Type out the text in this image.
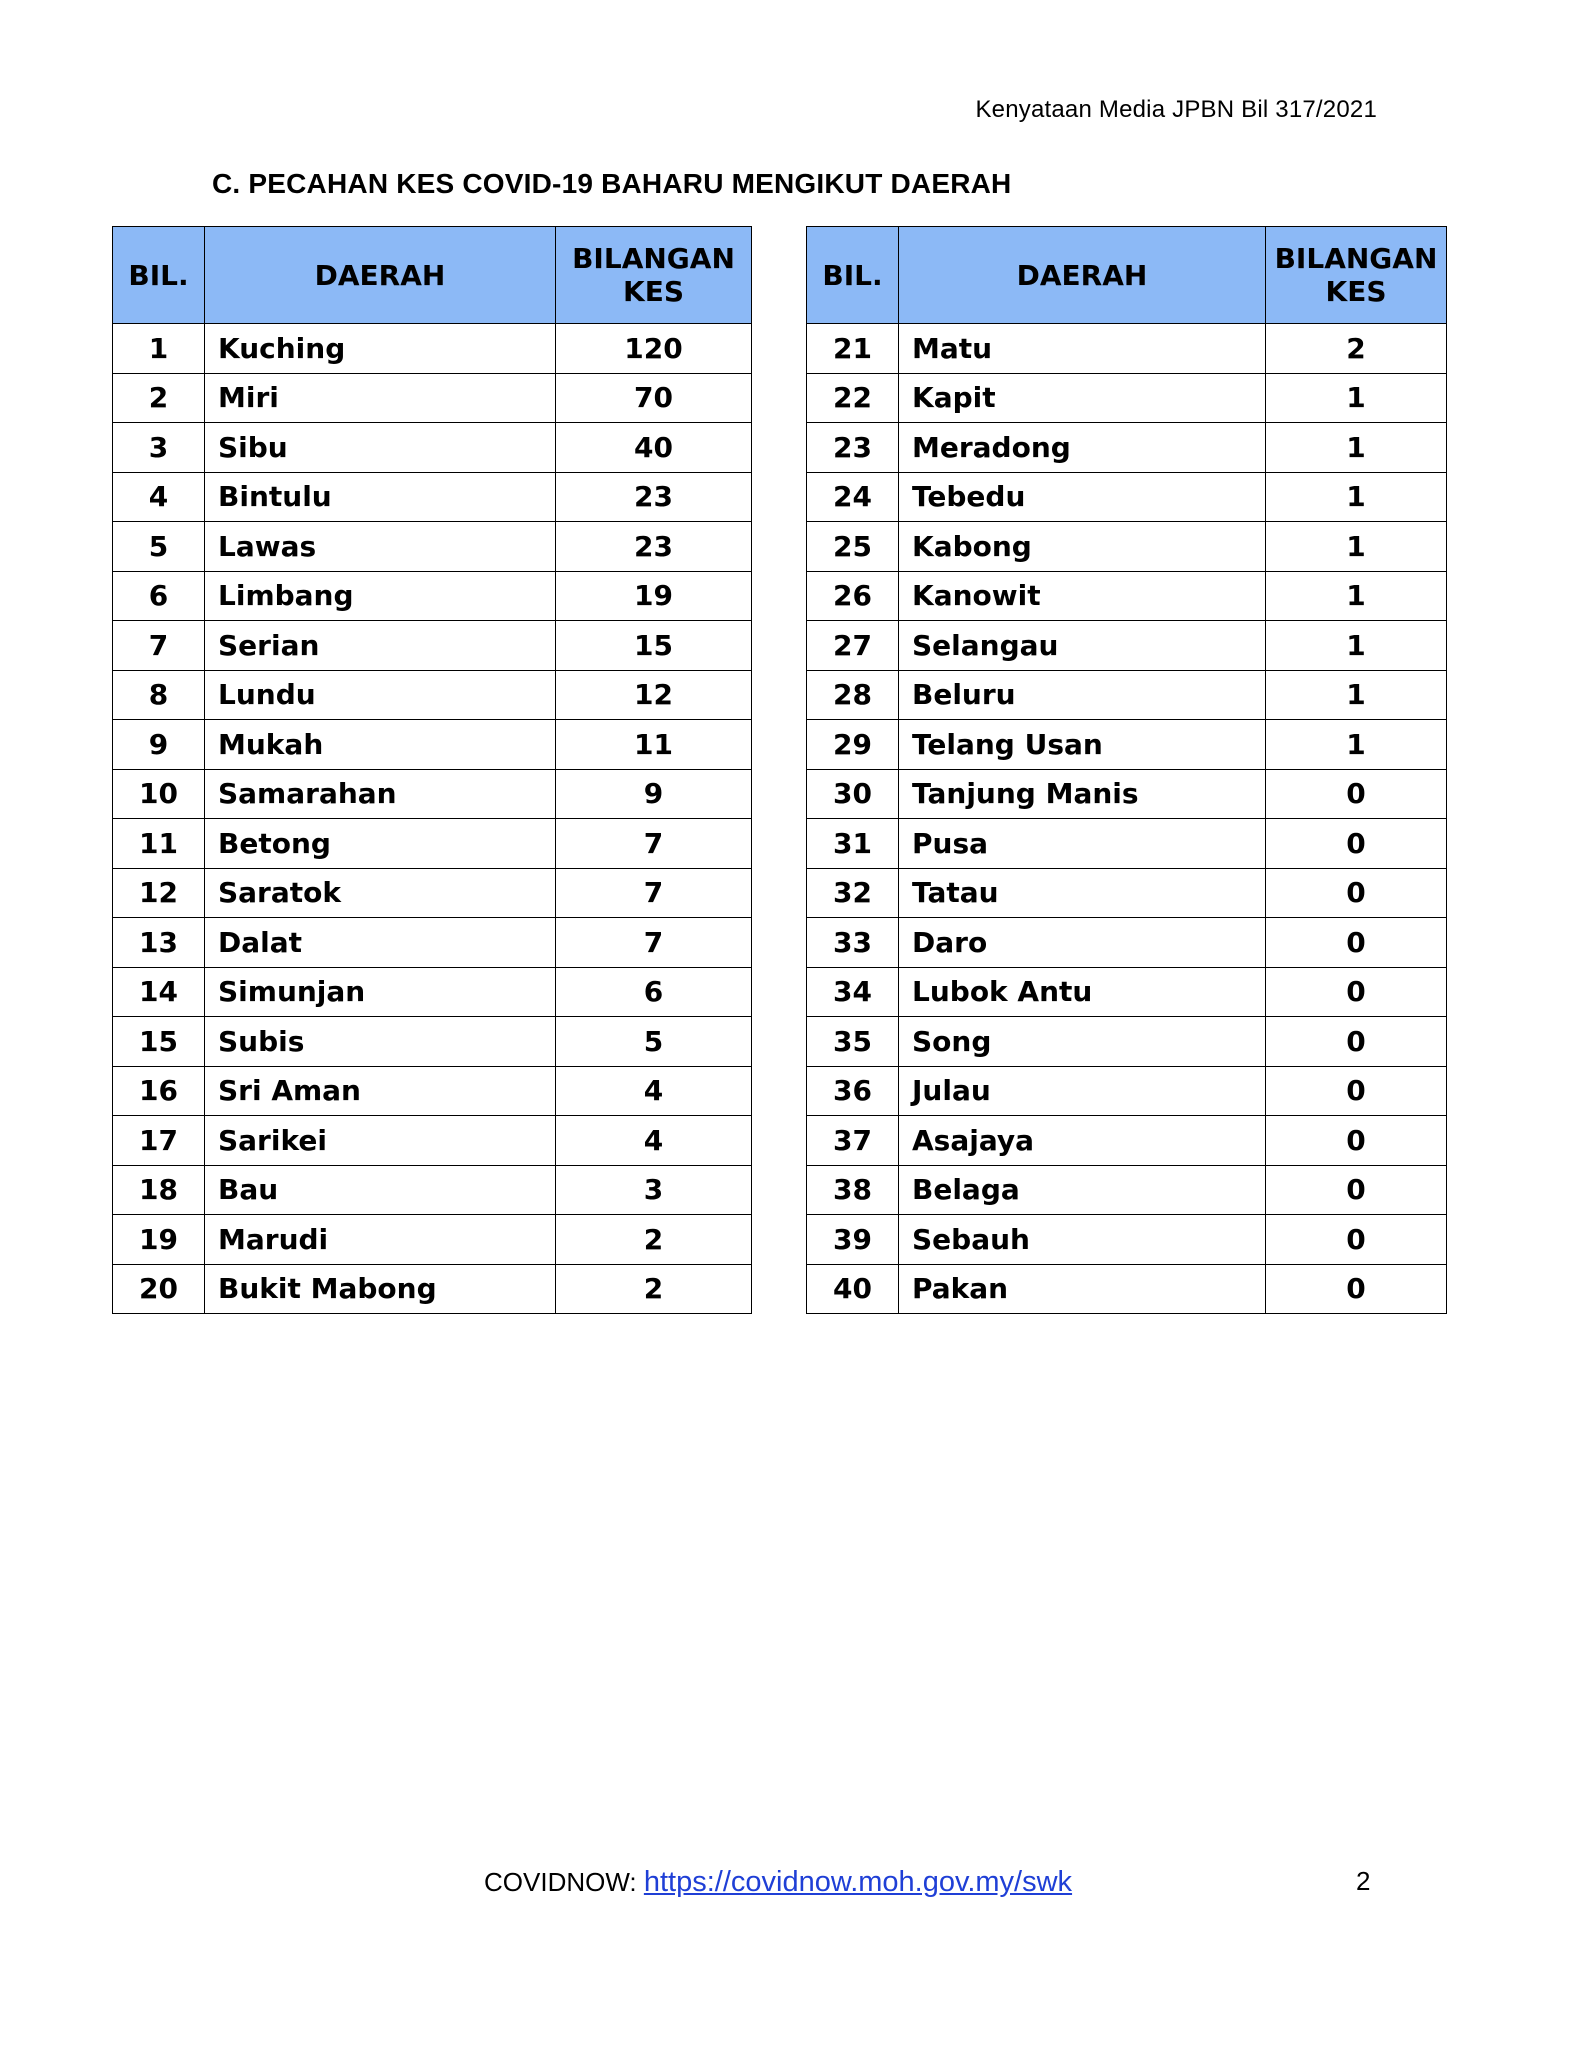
Kenyataan Media JPBN Bil 317/2021
C. PECAHAN KES COVID-19 BAHARU MENGIKUT DAERAH
BIL.	DAERAH	BILANGAN
KES
1	Kuching	120
2	Miri	70
3	Sibu	40
4	Bintulu	23
5	Lawas	23
6	Limbang	19
7	Serian	15
8	Lundu	12
9	Mukah	11
10	Samarahan	9
11	Betong	7
12	Saratok	7
13	Dalat	7
14	Simunjan	6
15	Subis	5
16	Sri Aman	4
17	Sarikei	4
18	Bau	3
19	Marudi	2
20	Bukit Mabong	2
BIL.	DAERAH	BILANGAN
KES
21	Matu	2
22	Kapit	1
23	Meradong	1
24	Tebedu	1
25	Kabong	1
26	Kanowit	1
27	Selangau	1
28	Beluru	1
29	Telang Usan	1
30	Tanjung Manis	0
31	Pusa	0
32	Tatau	0
33	Daro	0
34	Lubok Antu	0
35	Song	0
36	Julau	0
37	Asajaya	0
38	Belaga	0
39	Sebauh	0
40	Pakan	0
COVIDNOW: https://covidnow.moh.gov.my/swk	2
